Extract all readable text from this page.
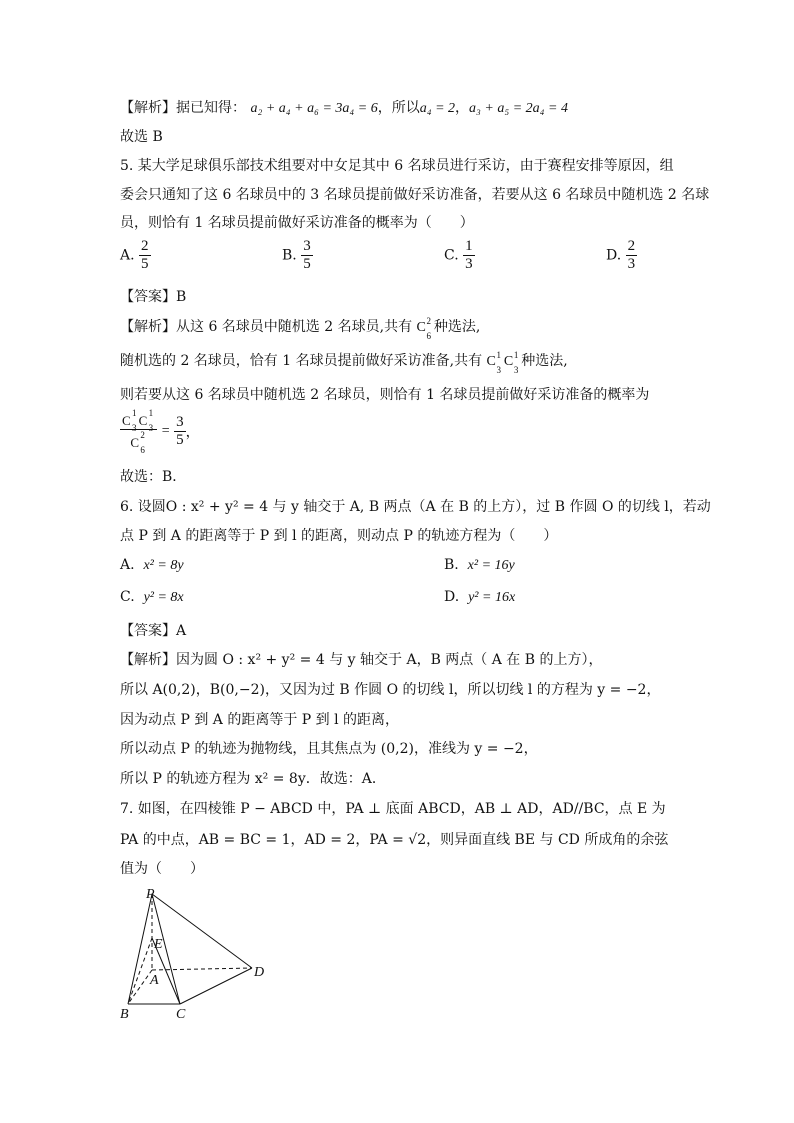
【解析】据已知得： a₂ + a₄ + a₆ = 3a₄ = 6，所以a₄ = 2，a₃ + a₅ = 2a₄ = 4
故选 B
5. 某大学足球俱乐部技术组要对中女足其中 6 名球员进行采访，由于赛程安排等原因，组
委会只通知了这 6 名球员中的 3 名球员提前做好采访准备，若要从这 6 名球员中随机选 2 名球
员，则恰有 1 名球员提前做好采访准备的概率为（　　）
A. $\frac{2}{5}$	B. $\frac{3}{5}$	C. $\frac{1}{3}$	D. $\frac{2}{3}$
【答案】B
【解析】从这 6 名球员中随机选 2 名球员,共有 C 2
6
种选法,
随机选的 2 名球员，恰有 1 名球员提前做好采访准备,共有 C 1
3
C 1
3
种选法,
则若要从这 6 名球员中随机选 2 名球员，则恰有 1 名球员提前做好采访准备的概率为
C 1
3 C 1
3
C 2
$6 = \frac{3}{5}$ ，
故选：B．
6. 设圆O : x² + y² = 4 与 y 轴交于 A, B 两点（A 在 B 的上方），过 B 作圆 O 的切线 l，若动
点 P 到 A 的距离等于 P 到 l 的距离，则动点 P 的轨迹方程为（　　）
A. x² = 8y	B. x² = 16y
C. y² = 8x	D. y² = 16x
【答案】A
【解析】因为圆 O : x² + y² = 4 与 y 轴交于 A，B 两点（ A 在 B 的上方），
所以 A(0,2)，B(0,−2)，又因为过 B 作圆 O 的切线 l，所以切线 l 的方程为 y = −2，
因为动点 P 到 A 的距离等于 P 到 l 的距离，
所以动点 P 的轨迹为抛物线，且其焦点为 (0,2)，准线为 y = −2，
所以 P 的轨迹方程为 x² = 8y．故选：A．
7. 如图，在四棱锥 P − ABCD 中，PA ⊥ 底面 ABCD，AB ⊥ AD，AD//BC，点 E 为
PA 的中点，AB = BC = 1，AD = 2，PA = √2，则异面直线 BE 与 CD 所成角的余弦
值为（　　）
P
E
A
B	C
D
